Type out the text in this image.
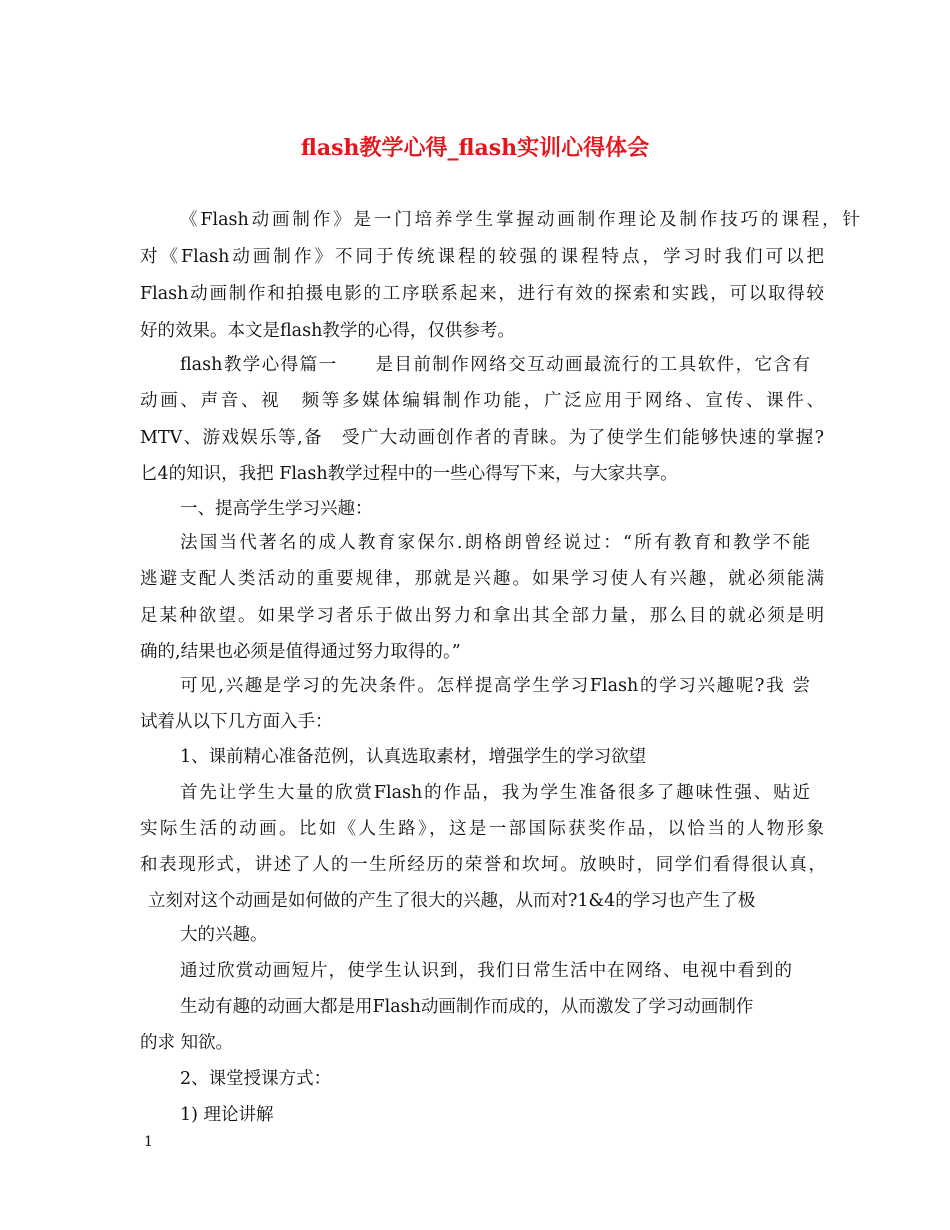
flash教学心得_flash实训心得体会
《Flash动画制作》是一门培养学生掌握动画制作理论及制作技巧的课程，针
对《Flash动画制作》不同于传统课程的较强的课程特点，学习时我们可以把
Flash动画制作和拍摄电影的工序联系起来，进行有效的探索和实践，可以取得较
好的效果。本文是flash教学的心得，仅供参考。
flash教学心得篇一　　是目前制作网络交互动画最流行的工具软件，它含有
动画、声音、视　频等多媒体编辑制作功能，广泛应用于网络、宣传、课件、
MTV、游戏娱乐等,备　受广大动画创作者的青睐。为了使学生们能够快速的掌握?
匕4的知识，我把 Flash教学过程中的一些心得写下来，与大家共享。
一、提高学生学习兴趣：
法国当代著名的成人教育家保尔.朗格朗曾经说过：“所有教育和教学不能
逃避支配人类活动的重要规律，那就是兴趣。如果学习使人有兴趣，就必须能满
足某种欲望。如果学习者乐于做出努力和拿出其全部力量，那么目的就必须是明
确的,结果也必须是值得通过努力取得的。”
可见,兴趣是学习的先决条件。怎样提高学生学习Flash的学习兴趣呢?我 尝
试着从以下几方面入手：
1、课前精心准备范例，认真选取素材，增强学生的学习欲望
首先让学生大量的欣赏Flash的作品，我为学生准备很多了趣味性强、贴近
实际生活的动画。比如《人生路》，这是一部国际获奖作品，以恰当的人物形象
和表现形式，讲述了人的一生所经历的荣誉和坎坷。放映时，同学们看得很认真，
立刻对这个动画是如何做的产生了很大的兴趣，从而对?1&4的学习也产生了极
大的兴趣。
通过欣赏动画短片，使学生认识到，我们日常生活中在网络、电视中看到的
生动有趣的动画大都是用Flash动画制作而成的，从而激发了学习动画制作
的求 知欲。
2、课堂授课方式：
1) 理论讲解
1
